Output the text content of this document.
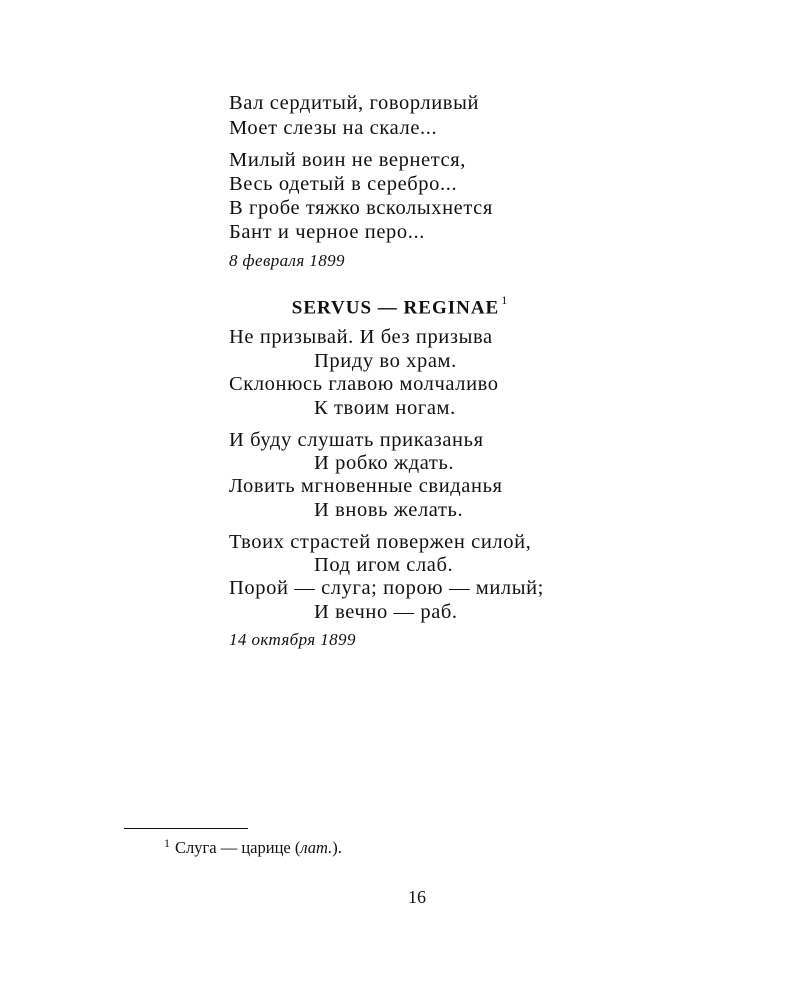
Вал сердитый, говорливый
Моет слезы на скале...
Милый воин не вернется,
Весь одетый в серебро...
В гробе тяжко всколыхнется
Бант и черное перо...
8 февраля 1899
SERVUS — REGINAE $^1$
Не призывай. И без призыва
Приду во храм.
Склонюсь главою молчаливо
К твоим ногам.
И буду слушать приказанья
И робко ждать.
Ловить мгновенные свиданья
И вновь желать.
Твоих страстей повержен силой,
Под игом слаб.
Порой — слуга; порою — милый;
И вечно — раб.
14 октября 1899
$^1$ Слуга — царице (лат.).
16
